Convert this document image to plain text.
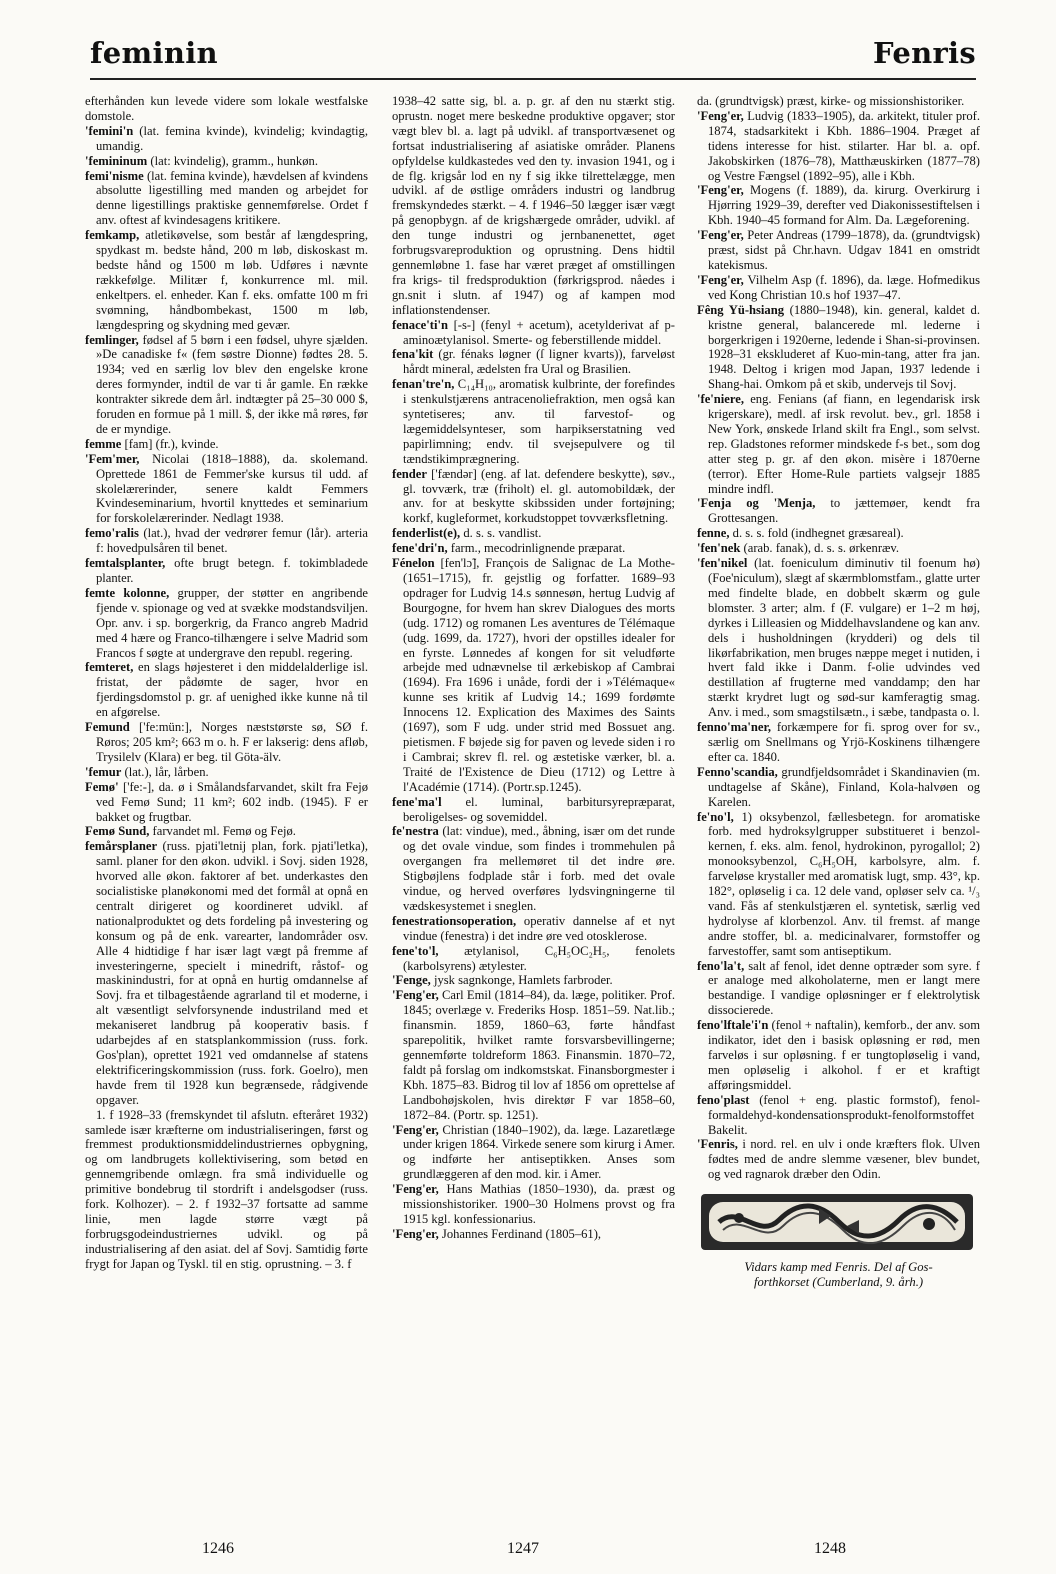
feminin	Fenris

efterhånden kun levede videre som lokale westfalske domstole.

'femini'n (lat. femina kvinde), kvindelig; kvindagtig, umandig.

'femininum (lat: kvindelig), gramm., hunkøn.

femi'nisme (lat. femina kvinde), hævdelsen af kvindens absolutte ligestilling med manden og arbejdet for denne ligestillings praktiske gennemførelse. Ordet f anv. oftest af kvindesagens kritikere.

femkamp, atletikøvelse, som består af længdespring, spydkast m. bedste hånd, 200 m løb, diskoskast m. bedste hånd og 1500 m løb. Udføres i nævnte rækkefølge. Militær f, konkurrence ml. mil. enkeltpers. el. enheder. Kan f. eks. omfatte 100 m fri svømning, håndbombekast, 1500 m løb, længdespring og skydning med gevær.

femlinger, fødsel af 5 børn i een fødsel, uhyre sjælden. »De canadiske f« (fem søstre Dionne) fødtes 28. 5. 1934; ved en særlig lov blev den engelske krone deres formynder, indtil de var ti år gamle. En række kontrakter sikrede dem årl. indtægter på 25–30 000 $, foruden en formue på 1 mill. $, der ikke må røres, før de er myndige.

femme [fam] (fr.), kvinde.

'Fem'mer, Nicolai (1818–1888), da. skolemand. Oprettede 1861 de Femmer'ske kursus til udd. af skolelærerinder, senere kaldt Femmers Kvindeseminarium, hvortil knyttedes et seminarium for forskolelærerinder. Nedlagt 1938.

femo'ralis (lat.), hvad der vedrører femur (lår). arteria f: hovedpulsåren til benet.

femtalsplanter, ofte brugt betegn. f. tokimbladede planter.

femte kolonne, grupper, der støtter en angribende fjende v. spionage og ved at svække modstandsviljen. Opr. anv. i sp. borgerkrig, da Franco angreb Madrid med 4 hære og Franco-tilhængere i selve Madrid som Francos f søgte at undergrave den republ. regering.

femteret, en slags højesteret i den middelalderlige isl. fristat, der pådømte de sager, hvor en fjerdingsdomstol p. gr. af uenighed ikke kunne nå til en afgørelse.

Femund ['fe:mün:], Norges næststørste sø, SØ f. Røros; 205 km²; 663 m o. h. F er lakserig: dens afløb, Trysilelv (Klara) er beg. til Göta-älv.

'femur (lat.), lår, lårben.

Femø' ['fe:-], da. ø i Smålandsfarvandet, skilt fra Fejø ved Femø Sund; 11 km²; 602 indb. (1945). F er bakket og frugtbar.

Femø Sund, farvandet ml. Femø og Fejø.

femårsplaner (russ. pjati'letnij plan, fork. pjati'letka), saml. planer for den økon. udvikl. i Sovj. siden 1928, hvorved alle økon. faktorer af bet. underkastes den socialistiske planøkonomi med det formål at opnå en centralt dirigeret og koordineret udvikl. af nationalproduktet og dets fordeling på investering og konsum og på de enk. varearter, landområder osv. Alle 4 hidtidige f har især lagt vægt på fremme af investeringerne, specielt i minedrift, råstof- og maskinindustri, for at opnå en hurtig omdannelse af Sovj. fra et tilbagestående agrarland til et moderne, i alt væsentligt selvforsynende industriland med et mekaniseret landbrug på kooperativ basis. f udarbejdes af en statsplankommission (russ. fork. Gos'plan), oprettet 1921 ved omdannelse af statens elektrificeringskommission (russ. fork. Goelro), men havde frem til 1928 kun begrænsede, rådgivende opgaver.

1. f 1928–33 (fremskyndet til afslutn. efteråret 1932) samlede især kræfterne om industrialiseringen, først og fremmest produktionsmiddelindustriernes opbygning, og om landbrugets kollektivisering, som betød en gennemgribende omlægn. fra små individuelle og primitive bondebrug til stordrift i andelsgodser (russ. fork. Kolhozer). – 2. f 1932–37 fortsatte ad samme linie, men lagde større vægt på forbrugsgodeindustriernes udvikl. og på industrialisering af den asiat. del af Sovj. Samtidig førte frygt for Japan og Tyskl. til en stig. oprustning. – 3. f

1938–42 satte sig, bl. a. p. gr. af den nu stærkt stig. oprustn. noget mere beskedne produktive opgaver; stor vægt blev bl. a. lagt på udvikl. af transportvæsenet og fortsat industrialisering af asiatiske områder. Planens opfyldelse kuldkastedes ved den ty. invasion 1941, og i de flg. krigsår lod en ny f sig ikke tilrettelægge, men udvikl. af de østlige områders industri og landbrug fremskyndedes stærkt. – 4. f 1946–50 lægger især vægt på genopbygn. af de krigshærgede områder, udvikl. af den tunge industri og jernbanenettet, øget forbrugsvareproduktion og oprustning. Dens hidtil gennemløbne 1. fase har været præget af omstillingen fra krigs- til fredsproduktion (førkrigsprod. nåedes i gn.snit i slutn. af 1947) og af kampen mod inflationstendenser.

fenace'ti'n [-s-] (fenyl + acetum), acetylderivat af p-aminoætylanisol. Smerte- og feberstillende middel.

fena'kit (gr. fénaks løgner (ſ ligner kvarts)), farveløst hårdt mineral, ædelsten fra Ural og Brasilien.

fenan'tre'n, C₁₄H₁₀, aromatisk kulbrinte, der forefindes i stenkulstjærens antracenoliefraktion, men også kan syntetiseres; anv. til farvestof- og lægemiddelsynteser, som harpikserstatning ved papirlimning; endv. til svejsepulvere og til tændstikimprægnering.

fender ['fændər] (eng. af lat. defendere beskytte), søv., gl. tovværk, træ (friholt) el. gl. automobildæk, der anv. for at beskytte skibssiden under fortøjning; korkf, kugleformet, korkudstoppet tovværksfletning.

fenderlist(e), d. s. s. vandlist.

fene'dri'n, farm., mecodrinlignende præparat.

Fénelon [fen'lɔ̃], François de Salignac de La Mothe- (1651–1715), fr. gejstlig og forfatter. 1689–93 opdrager for Ludvig 14.s sønnesøn, hertug Ludvig af Bourgogne, for hvem han skrev Dialogues des morts (udg. 1712) og romanen Les aventures de Télémaque (udg. 1699, da. 1727), hvori der opstilles idealer for en fyrste. Lønnedes af kongen for sit veludførte arbejde med udnævnelse til ærkebiskop af Cambrai (1694). Fra 1696 i unåde, fordi der i »Télémaque« kunne ses kritik af Ludvig 14.; 1699 fordømte Innocens 12. Explication des Maximes des Saints (1697), som F udg. under strid med Bossuet ang. pietismen. F bøjede sig for paven og levede siden i ro i Cambrai; skrev fl. rel. og æstetiske værker, bl. a. Traité de l'Existence de Dieu (1712) og Lettre à l'Académie (1714). (Portr.sp.1245).

fene'ma'l el. luminal, barbitursyrepræparat, beroligelses- og sovemiddel.

fe'nestra (lat: vindue), med., åbning, især om det runde og det ovale vindue, som findes i trommehulen på overgangen fra mellemøret til det indre øre. Stigbøjlens fodplade står i forb. med det ovale vindue, og herved overføres lydsvingningerne til vædskesystemet i sneglen.

fenestrationsoperation, operativ dannelse af et nyt vindue (fenestra) i det indre øre ved otosklerose.

fene'to'l, ætylanisol, C₆H₅OC₂H₅, fenolets (karbolsyrens) ætylester.

'Fenge, jysk sagnkonge, Hamlets farbroder.

'Feng'er, Carl Emil (1814–84), da. læge, politiker. Prof. 1845; overlæge v. Frederiks Hosp. 1851–59. Nat.lib.; finansmin. 1859, 1860–63, førte håndfast sparepolitik, hvilket ramte forsvarsbevillingerne; gennemførte toldreform 1863. Finansmin. 1870–72, faldt på forslag om indkomstskat. Finansborgmester i Kbh. 1875–83. Bidrog til lov af 1856 om oprettelse af Landbohøjskolen, hvis direktør F var 1858–60, 1872–84. (Portr. sp. 1251).

'Feng'er, Christian (1840–1902), da. læge. Lazaretlæge under krigen 1864. Virkede senere som kirurg i Amer. og indførte her antiseptikken. Anses som grundlæggeren af den mod. kir. i Amer.

'Feng'er, Hans Mathias (1850–1930), da. præst og missionshistoriker. 1900–30 Holmens provst og fra 1915 kgl. konfessionarius.

'Feng'er, Johannes Ferdinand (1805–61),

da. (grundtvigsk) præst, kirke- og missionshistoriker.

'Feng'er, Ludvig (1833–1905), da. arkitekt, tituler prof. 1874, stadsarkitekt i Kbh. 1886–1904. Præget af tidens interesse for hist. stilarter. Har bl. a. opf. Jakobskirken (1876–78), Matthæuskirken (1877–78) og Vestre Fængsel (1892–95), alle i Kbh.

'Feng'er, Mogens (f. 1889), da. kirurg. Overkirurg i Hjørring 1929–39, derefter ved Diakonissestiftelsen i Kbh. 1940–45 formand for Alm. Da. Lægeforening.

'Feng'er, Peter Andreas (1799–1878), da. (grundtvigsk) præst, sidst på Chr.havn. Udgav 1841 en omstridt katekismus.

'Feng'er, Vilhelm Asp (f. 1896), da. læge. Hofmedikus ved Kong Christian 10.s hof 1937–47.

Fêng Yü-hsiang (1880–1948), kin. general, kaldet d. kristne general, balancerede ml. lederne i borgerkrigen i 1920erne, ledende i Shan-si-provinsen. 1928–31 ekskluderet af Kuo-min-tang, atter fra jan. 1948. Deltog i krigen mod Japan, 1937 ledende i Shang-hai. Omkom på et skib, undervejs til Sovj.

'fe'niere, eng. Fenians (af fiann, en legendarisk irsk krigerskare), medl. af irsk revolut. bev., grl. 1858 i New York, ønskede Irland skilt fra Engl., som selvst. rep. Gladstones reformer mindskede f-s bet., som dog atter steg p. gr. af den økon. misère i 1870erne (terror). Efter Home-Rule partiets valgsejr 1885 mindre indfl.

'Fenja og 'Menja, to jættemøer, kendt fra Grottesangen.

fenne, d. s. s. fold (indhegnet græsareal).

'fen'nek (arab. fanak), d. s. s. ørkenræv.

'fen'nikel (lat. foeniculum diminutiv til foenum hø) (Foe'niculum), slægt af skærmblomstfam., glatte urter med findelte blade, en dobbelt skærm og gule blomster. 3 arter; alm. f (F. vulgare) er 1–2 m høj, dyrkes i Lilleasien og Middelhavslandene og kan anv. dels i husholdningen (krydderi) og dels til likørfabrikation, men bruges næppe meget i nutiden, i hvert fald ikke i Danm. f-olie udvindes ved destillation af frugterne med vanddamp; den har stærkt krydret lugt og sød-sur kamferagtig smag. Anv. i med., som smagstilsætn., i sæbe, tandpasta o. l.

fenno'ma'ner, forkæmpere for fi. sprog over for sv., særlig om Snellmans og Yrjö-Koskinens tilhængere efter ca. 1840.

Fenno'scandia, grundfjeldsområdet i Skandinavien (m. undtagelse af Skåne), Finland, Kola-halvøen og Karelen.

fe'no'l, 1) oksybenzol, fællesbetegn. for aromatiske forb. med hydroksylgrupper substitueret i benzol-kernen, f. eks. alm. fenol, hydrokinon, pyrogallol; 2) monooksybenzol, C₆H₅OH, karbolsyre, alm. f. farveløse krystaller med aromatisk lugt, smp. 43°, kp. 182°, opløselig i ca. 12 dele vand, opløser selv ca. ¹/₃ vand. Fås af stenkulstjæren el. syntetisk, særlig ved hydrolyse af klorbenzol. Anv. til fremst. af mange andre stoffer, bl. a. medicinalvarer, formstoffer og farvestoffer, samt som antiseptikum.

feno'la't, salt af fenol, idet denne optræder som syre. f er analoge med alkoholaterne, men er langt mere bestandige. I vandige opløsninger er f elektrolytisk dissocierede.

feno'lftale'i'n (fenol + naftalin), kemforb., der anv. som indikator, idet den i basisk opløsning er rød, men farveløs i sur opløsning. f er tungtopløselig i vand, men opløselig i alkohol. f er et kraftigt afføringsmiddel.

feno'plast (fenol + eng. plastic formstof), fenol-formaldehyd-kondensationsprodukt-fenolformstoffet Bakelit.

'Fenris, i nord. rel. en ulv i onde kræfters flok. Ulven fødtes med de andre slemme væsener, blev bundet, og ved ragnarok dræber den Odin.

Vidars kamp med Fenris. Del af Gos-
forthkorset (Cumberland, 9. årh.)
1246	1247	1248
